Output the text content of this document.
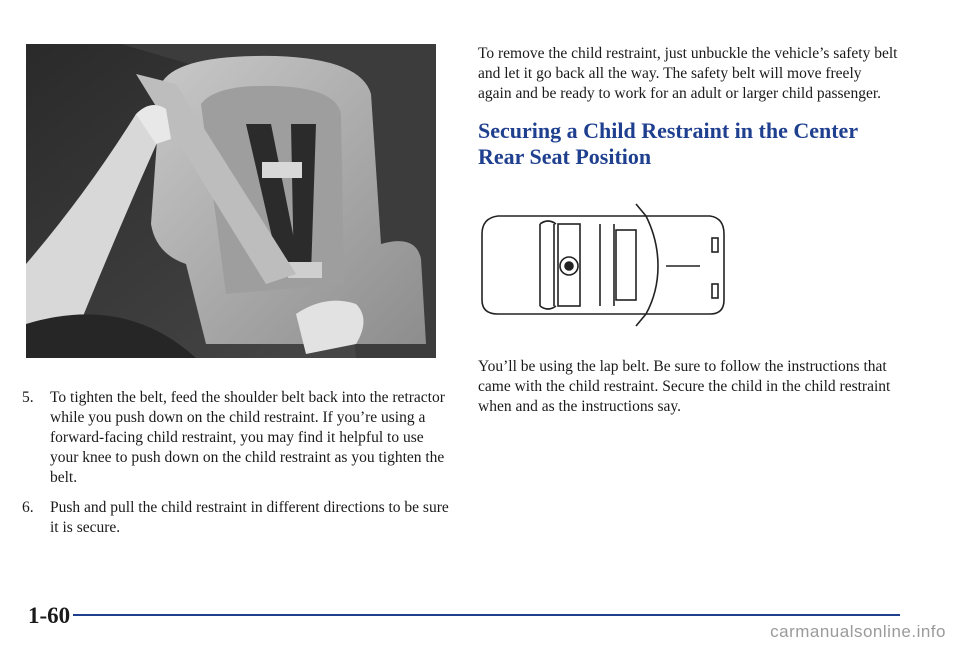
5. To tighten the belt, feed the shoulder belt back into the retractor while you push down on the child restraint. If you’re using a forward-facing child restraint, you may find it helpful to use your knee to push down on the child restraint as you tighten the belt.
6. Push and pull the child restraint in different directions to be sure it is secure.

To remove the child restraint, just unbuckle the vehicle’s safety belt and let it go back all the way. The safety belt will move freely again and be ready to work for an adult or larger child passenger.

Securing a Child Restraint in the Center Rear Seat Position

You’ll be using the lap belt. Be sure to follow the instructions that came with the child restraint. Secure the child in the child restraint when and as the instructions say.

1-60
carmanualsonline.info
